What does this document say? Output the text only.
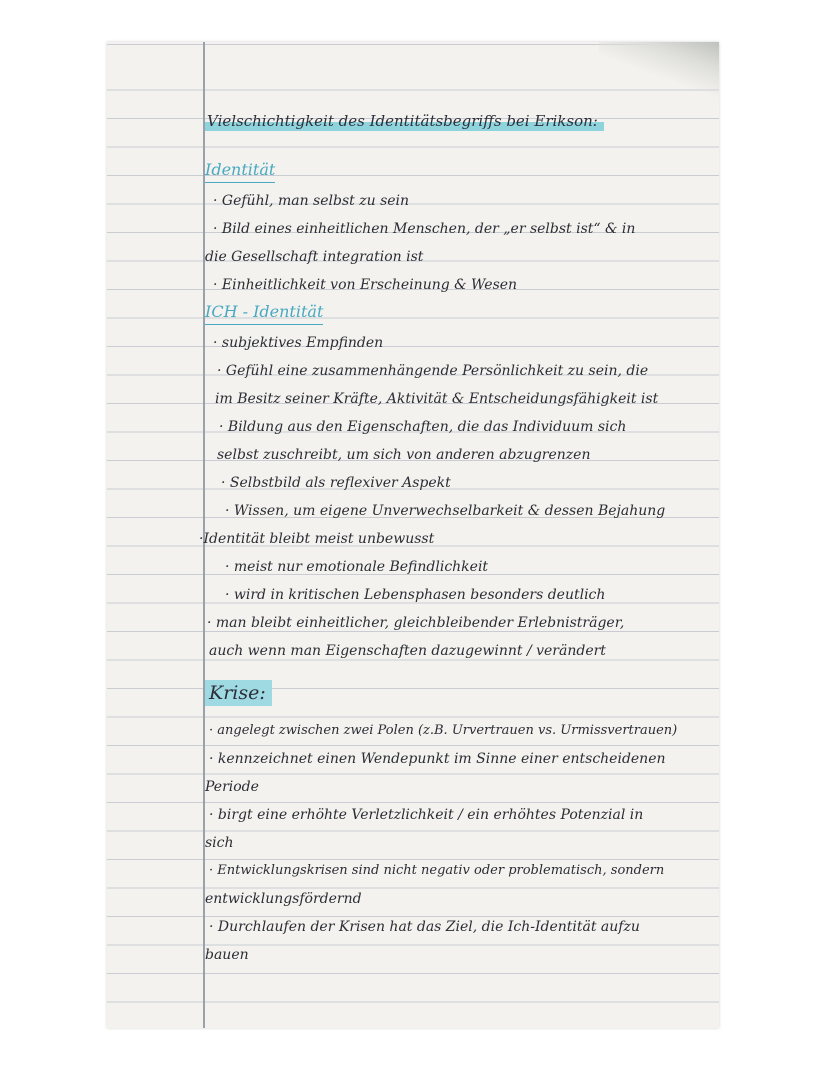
Vielschichtigkeit des Identitätsbegriffs bei Erikson:
Identität
· Gefühl, man selbst zu sein
· Bild eines einheitlichen Menschen, der „er selbst ist“ & in
die Gesellschaft integration ist
· Einheitlichkeit von Erscheinung & Wesen
ICH - Identität
· subjektives Empfinden
· Gefühl eine zusammenhängende Persönlichkeit zu sein, die
im Besitz seiner Kräfte, Aktivität & Entscheidungsfähigkeit ist
· Bildung aus den Eigenschaften, die das Individuum sich
selbst zuschreibt, um sich von anderen abzugrenzen
· Selbstbild als reflexiver Aspekt
· Wissen, um eigene Unverwechselbarkeit & dessen Bejahung
·Identität bleibt meist unbewusst
· meist nur emotionale Befindlichkeit
· wird in kritischen Lebensphasen besonders deutlich
· man bleibt einheitlicher, gleichbleibender Erlebnisträger,
auch wenn man Eigenschaften dazugewinnt / verändert
Krise:
· angelegt zwischen zwei Polen (z.B. Urvertrauen vs. Urmissvertrauen)
· kennzeichnet einen Wendepunkt im Sinne einer entscheidenen
Periode
· birgt eine erhöhte Verletzlichkeit / ein erhöhtes Potenzial in
sich
· Entwicklungskrisen sind nicht negativ oder problematisch, sondern
entwicklungsfördernd
· Durchlaufen der Krisen hat das Ziel, die Ich-Identität aufzu
bauen
